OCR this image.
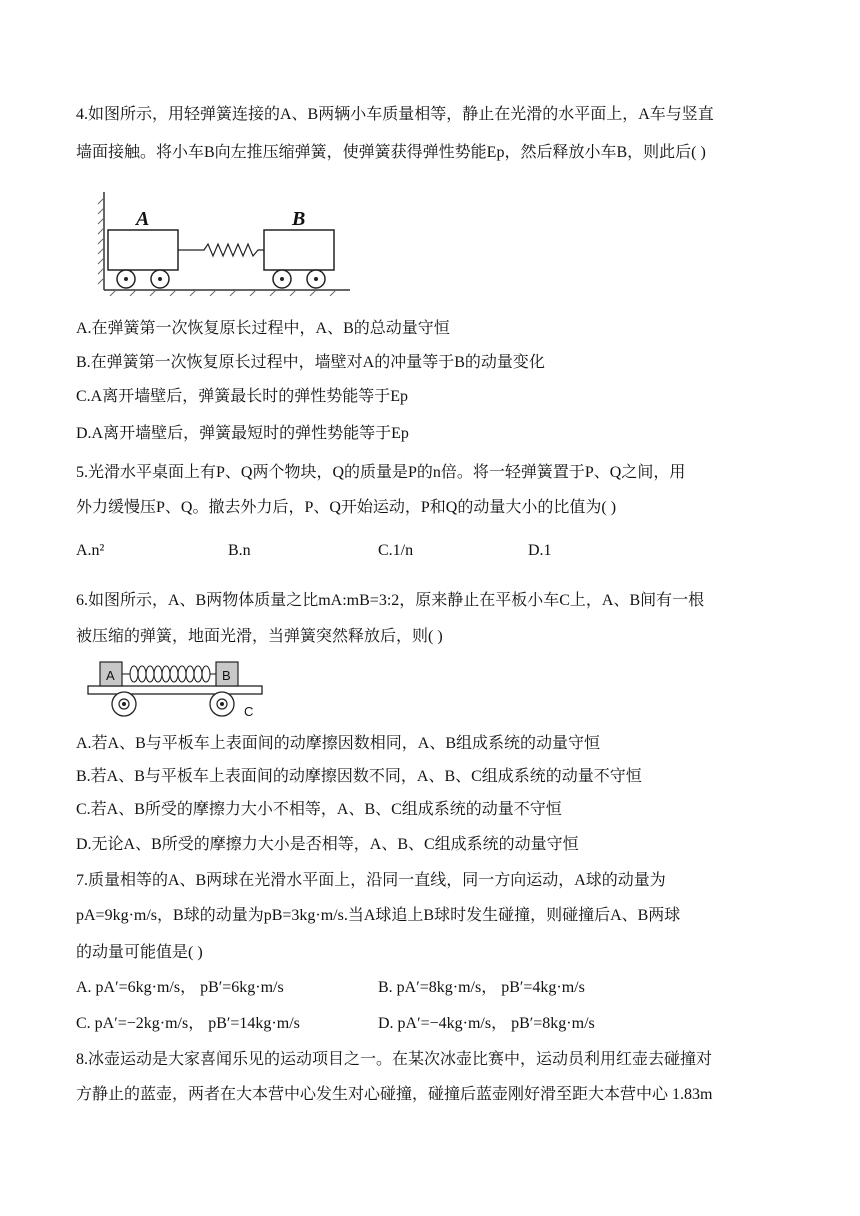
4.如图所示，用轻弹簧连接的A、B两辆小车质量相等，静止在光滑的水平面上，A车与竖直
墙面接触。将小车B向左推压缩弹簧，使弹簧获得弹性势能Ep，然后释放小车B，则此后( )
A	B
A.在弹簧第一次恢复原长过程中，A、B的总动量守恒
B.在弹簧第一次恢复原长过程中，墙壁对A的冲量等于B的动量变化
C.A离开墙壁后，弹簧最长时的弹性势能等于Ep
D.A离开墙壁后，弹簧最短时的弹性势能等于Ep
5.光滑水平桌面上有P、Q两个物块，Q的质量是P的n倍。将一轻弹簧置于P、Q之间，用
外力缓慢压P、Q。撤去外力后，P、Q开始运动，P和Q的动量大小的比值为( )
A.n²	B.n	C.1/n	D.1
6.如图所示，A、B两物体质量之比mA:mB=3:2，原来静止在平板小车C上，A、B间有一根
被压缩的弹簧，地面光滑，当弹簧突然释放后，则( )
A	B
C
A.若A、B与平板车上表面间的动摩擦因数相同，A、B组成系统的动量守恒
B.若A、B与平板车上表面间的动摩擦因数不同，A、B、C组成系统的动量不守恒
C.若A、B所受的摩擦力大小不相等，A、B、C组成系统的动量不守恒
D.无论A、B所受的摩擦力大小是否相等，A、B、C组成系统的动量守恒
7.质量相等的A、B两球在光滑水平面上，沿同一直线，同一方向运动，A球的动量为
pA=9kg·m/s，B球的动量为pB=3kg·m/s.当A球追上B球时发生碰撞，则碰撞后A、B两球
的动量可能值是( )
A. pA′=6kg·m/s， pB′=6kg·m/s	B. pA′=8kg·m/s， pB′=4kg·m/s
C. pA′=−2kg·m/s， pB′=14kg·m/s	D. pA′=−4kg·m/s， pB′=8kg·m/s
8.冰壶运动是大家喜闻乐见的运动项目之一。在某次冰壶比赛中，运动员利用红壶去碰撞对
方静止的蓝壶，两者在大本营中心发生对心碰撞，碰撞后蓝壶刚好滑至距大本营中心 1.83m
